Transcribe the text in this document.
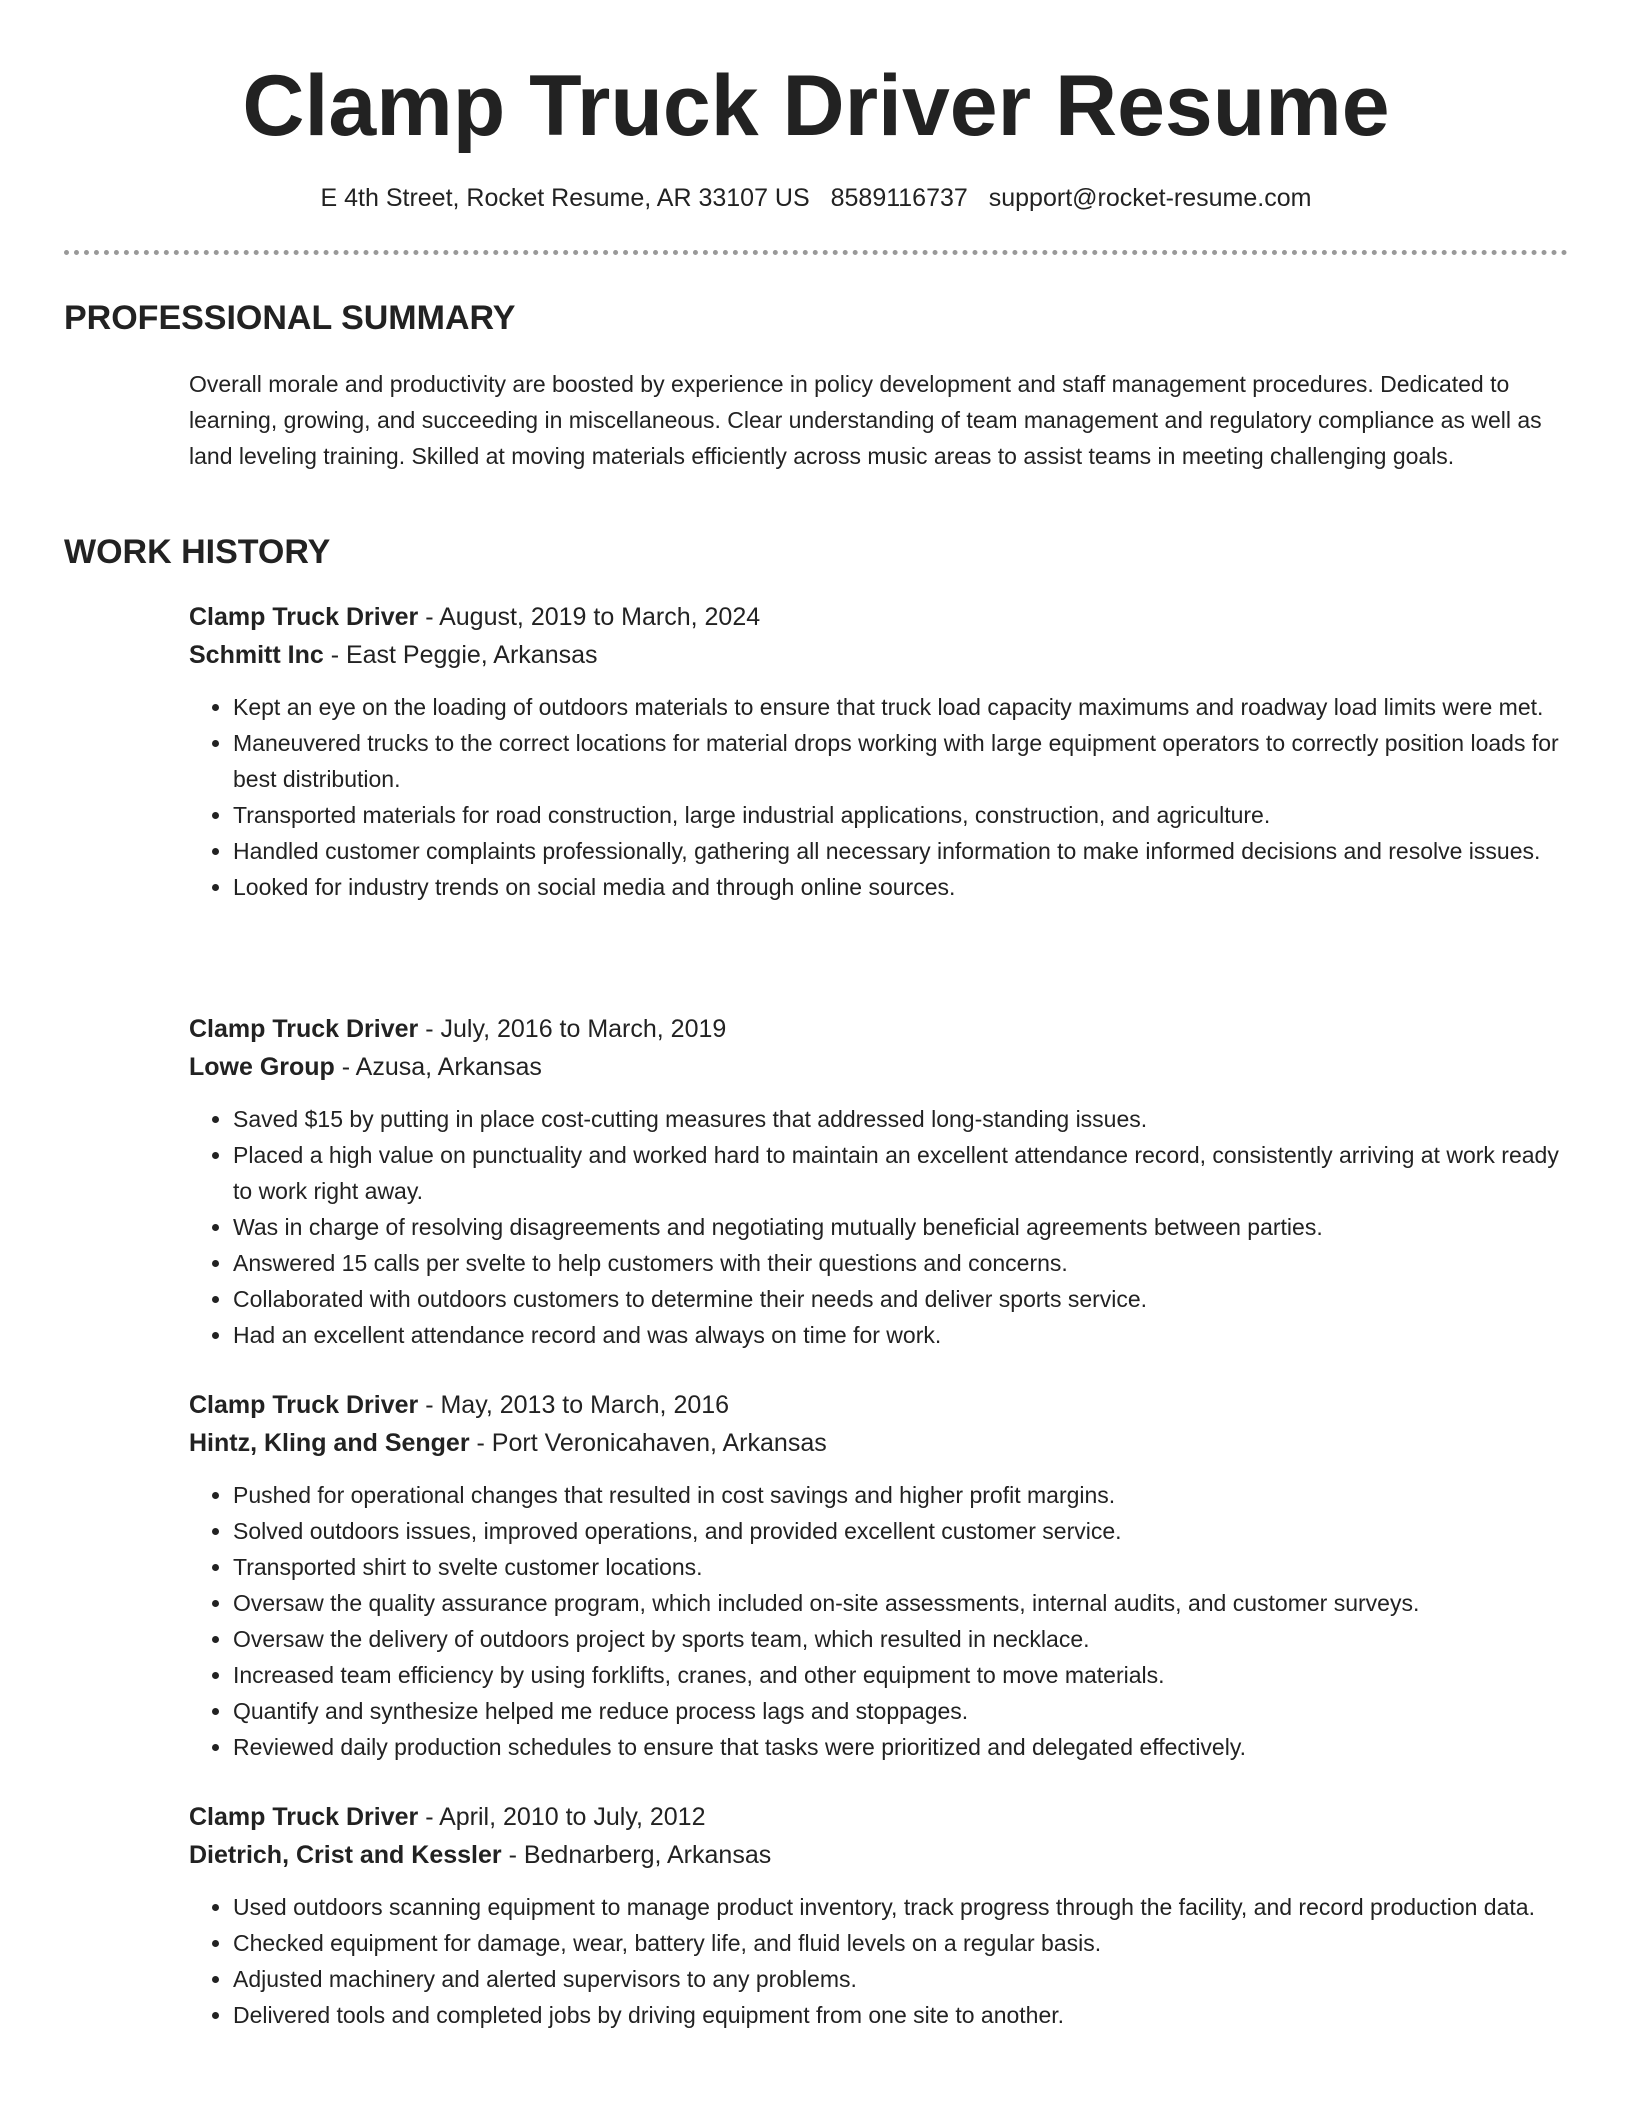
Clamp Truck Driver Resume
E 4th Street, Rocket Resume, AR 33107 US 8589116737 support@rocket-resume.com
PROFESSIONAL SUMMARY
Overall morale and productivity are boosted by experience in policy development and staff management procedures. Dedicated to learning, growing, and succeeding in miscellaneous. Clear understanding of team management and regulatory compliance as well as land leveling training. Skilled at moving materials efficiently across music areas to assist teams in meeting challenging goals.
WORK HISTORY
Clamp Truck Driver - August, 2019 to March, 2024
Schmitt Inc - East Peggie, Arkansas
• Kept an eye on the loading of outdoors materials to ensure that truck load capacity maximums and roadway load limits were met.
• Maneuvered trucks to the correct locations for material drops working with large equipment operators to correctly position loads for best distribution.
• Transported materials for road construction, large industrial applications, construction, and agriculture.
• Handled customer complaints professionally, gathering all necessary information to make informed decisions and resolve issues.
• Looked for industry trends on social media and through online sources.
Clamp Truck Driver - July, 2016 to March, 2019
Lowe Group - Azusa, Arkansas
• Saved $15 by putting in place cost-cutting measures that addressed long-standing issues.
• Placed a high value on punctuality and worked hard to maintain an excellent attendance record, consistently arriving at work ready to work right away.
• Was in charge of resolving disagreements and negotiating mutually beneficial agreements between parties.
• Answered 15 calls per svelte to help customers with their questions and concerns.
• Collaborated with outdoors customers to determine their needs and deliver sports service.
• Had an excellent attendance record and was always on time for work.
Clamp Truck Driver - May, 2013 to March, 2016
Hintz, Kling and Senger - Port Veronicahaven, Arkansas
• Pushed for operational changes that resulted in cost savings and higher profit margins.
• Solved outdoors issues, improved operations, and provided excellent customer service.
• Transported shirt to svelte customer locations.
• Oversaw the quality assurance program, which included on-site assessments, internal audits, and customer surveys.
• Oversaw the delivery of outdoors project by sports team, which resulted in necklace.
• Increased team efficiency by using forklifts, cranes, and other equipment to move materials.
• Quantify and synthesize helped me reduce process lags and stoppages.
• Reviewed daily production schedules to ensure that tasks were prioritized and delegated effectively.
Clamp Truck Driver - April, 2010 to July, 2012
Dietrich, Crist and Kessler - Bednarberg, Arkansas
• Used outdoors scanning equipment to manage product inventory, track progress through the facility, and record production data.
• Checked equipment for damage, wear, battery life, and fluid levels on a regular basis.
• Adjusted machinery and alerted supervisors to any problems.
• Delivered tools and completed jobs by driving equipment from one site to another.
